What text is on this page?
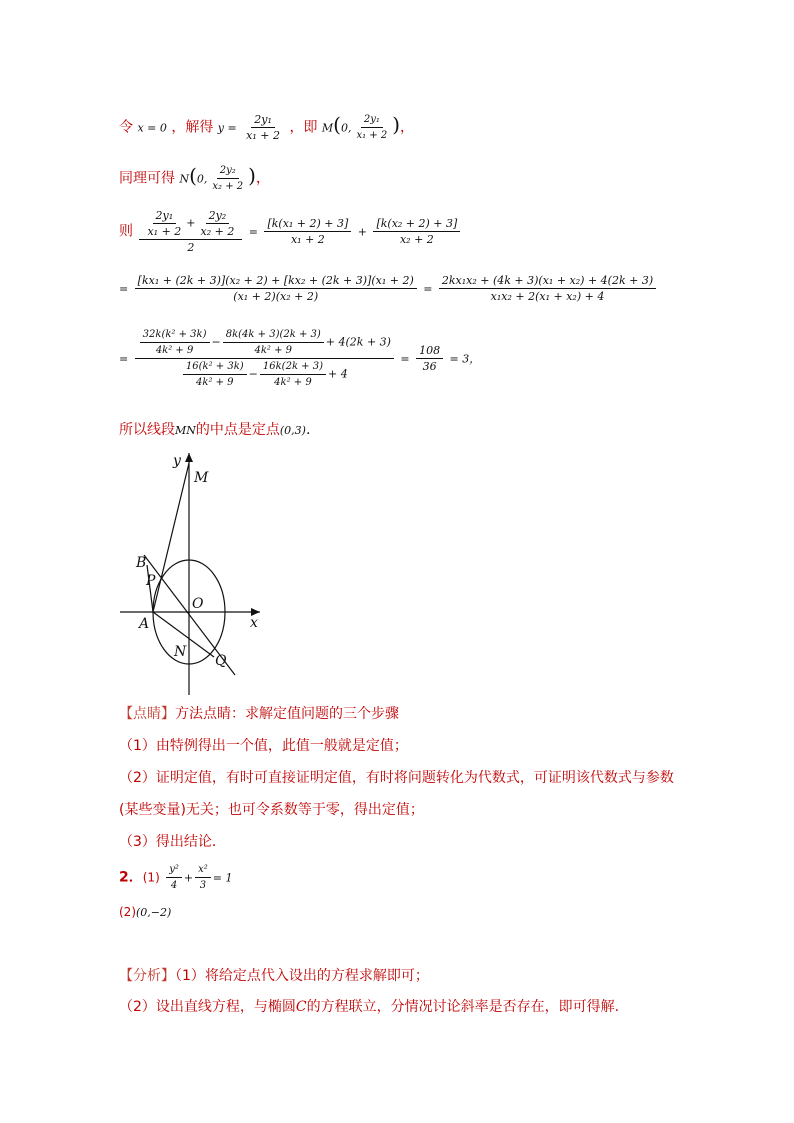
令 x = 0 ，解得 $y = \frac{\text{2y₁}}{\text{x₁ + 2}}$ ，即 M(0, $\frac{\text{2y₁}}{\text{x₁ + 2}}$ )，
同理可得 N(0, $\frac{\text{2y₂}}{\text{x₂ + 2}}$ )，
则 $\frac{\frac{\text{2y₁}}{\text{x₁ + 2}} + \frac{\text{2y₂}}{\text{x₂ + 2}}}{2} = \frac{\text{[k(x₁ + 2) + 3]}}{\text{x₁ + 2}} + \frac{\text{[k(x₂ + 2) + 3]}}{\text{x₂ + 2}}$
= $\frac{\text{[kx₁ + (2k + 3)](x₂ + 2) + [kx₂ + (2k + 3)](x₁ + 2)}}{\text{(x₁ + 2)(x₂ + 2)}} = \frac{\text{2kx₁x₂ + (4k + 3)(x₁ + x₂) + 4(2k + 3)}}{\text{x₁x₂ + 2(x₁ + x₂) + 4}}$
= $\frac{\frac{\text{32k(k² + 3k)}}{\text{4k² + 9}} - \frac{8k(4k + 3)(2k + 3)}{\text{4k² + 9}} + 4(2k + 3)}{\frac{\text{16(k² + 3k)}}{\text{4k² + 9}} - \frac{16k(2k + 3)}{\text{4k² + 9}} + 4} = \frac{108}{36} = 3$，
所以线段MN的中点是定点(0,3).
y
M
B
P
O
x
A
N
Q
【点睛】方法点睛：求解定值问题的三个步骤
（1）由特例得出一个值，此值一般就是定值；
（2）证明定值，有时可直接证明定值，有时将问题转化为代数式，可证明该代数式与参数
(某些变量)无关；也可令系数等于零，得出定值；
（3）得出结论．
2．$(1) \frac{\text{y²}}{4} + \frac{\text{x²}}{3} = 1$
(2)(0,−2)
【分析】（1）将给定点代入设出的方程求解即可；
（2）设出直线方程，与椭圆C的方程联立，分情况讨论斜率是否存在，即可得解.
